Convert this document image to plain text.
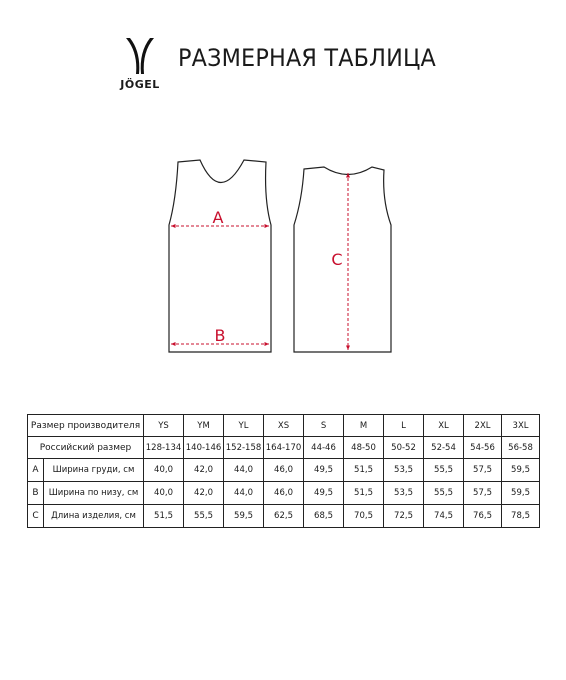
JÖGEL
РАЗМЕРНАЯ ТАБЛИЦА
A
B
C
Размер производителя		YS	YM	YL	XS	S	M	L	XL	2XL	3XL
Российский размер		128-134	140-146	152-158	164-170	44-46	48-50	50-52	52-54	54-56	56-58
A	Ширина груди, см	40,0	42,0	44,0	46,0	49,5	51,5	53,5	55,5	57,5	59,5
B	Ширина по низу, см	40,0	42,0	44,0	46,0	49,5	51,5	53,5	55,5	57,5	59,5
C	Длина изделия, см	51,5	55,5	59,5	62,5	68,5	70,5	72,5	74,5	76,5	78,5
